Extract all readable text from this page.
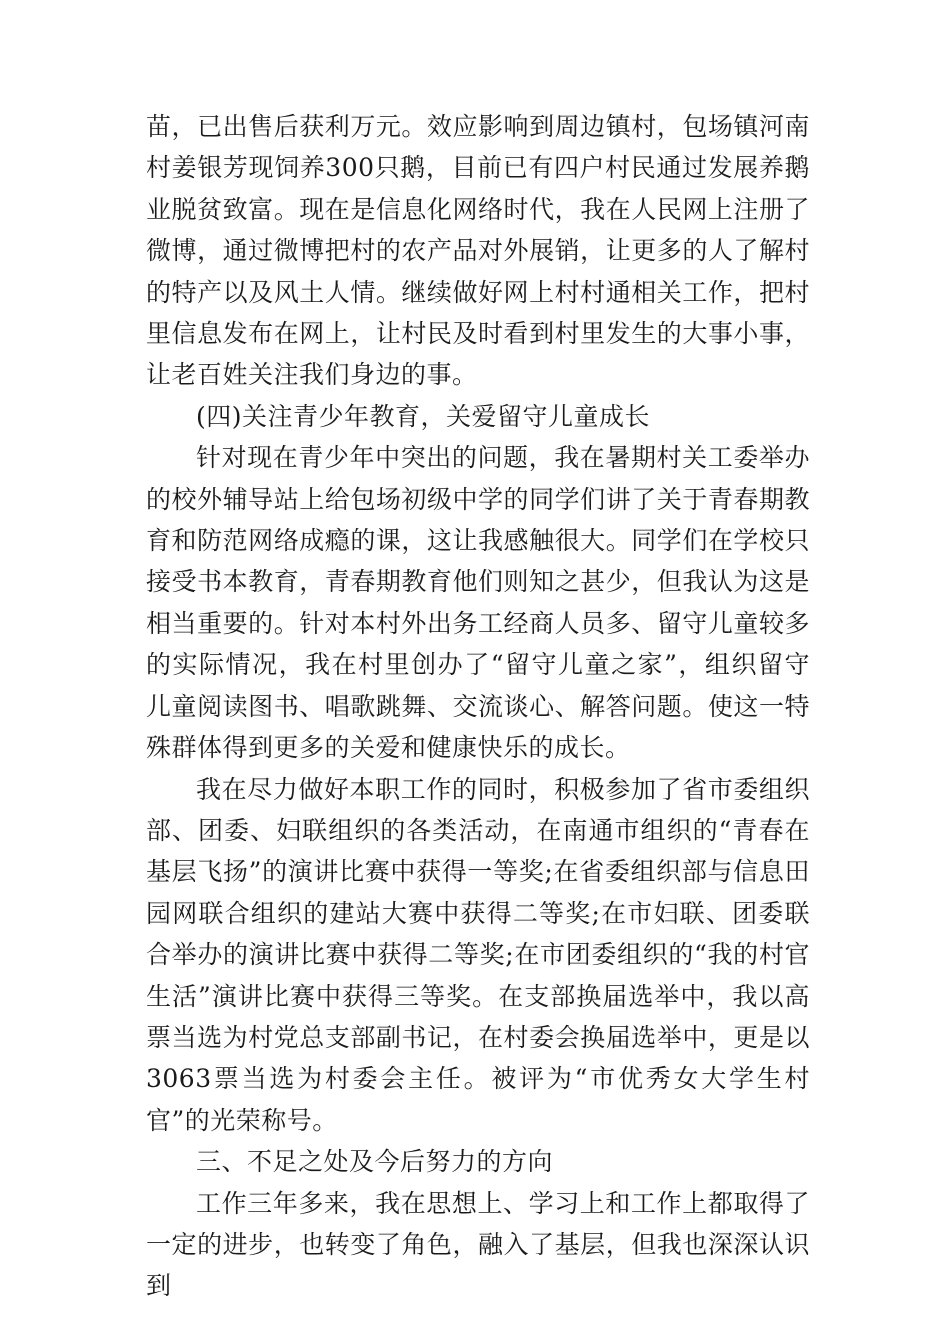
苗，已出售后获利万元。效应影响到周边镇村，包场镇河南村姜银芳现饲养300只鹅，目前已有四户村民通过发展养鹅业脱贫致富。现在是信息化网络时代，我在人民网上注册了微博，通过微博把村的农产品对外展销，让更多的人了解村的特产以及风土人情。继续做好网上村村通相关工作，把村里信息发布在网上，让村民及时看到村里发生的大事小事，让老百姓关注我们身边的事。

(四)关注青少年教育，关爱留守儿童成长

针对现在青少年中突出的问题，我在暑期村关工委举办的校外辅导站上给包场初级中学的同学们讲了关于青春期教育和防范网络成瘾的课，这让我感触很大。同学们在学校只接受书本教育，青春期教育他们则知之甚少，但我认为这是相当重要的。针对本村外出务工经商人员多、留守儿童较多的实际情况，我在村里创办了“留守儿童之家”，组织留守儿童阅读图书、唱歌跳舞、交流谈心、解答问题。使这一特殊群体得到更多的关爱和健康快乐的成长。

我在尽力做好本职工作的同时，积极参加了省市委组织部、团委、妇联组织的各类活动，在南通市组织的“青春在基层飞扬”的演讲比赛中获得一等奖;在省委组织部与信息田园网联合组织的建站大赛中获得二等奖;在市妇联、团委联合举办的演讲比赛中获得二等奖;在市团委组织的“我的村官生活”演讲比赛中获得三等奖。在支部换届选举中，我以高票当选为村党总支部副书记，在村委会换届选举中，更是以3063票当选为村委会主任。被评为“市优秀女大学生村官”的光荣称号。

三、不足之处及今后努力的方向

工作三年多来，我在思想上、学习上和工作上都取得了一定的进步，也转变了角色，融入了基层，但我也深深认识到
